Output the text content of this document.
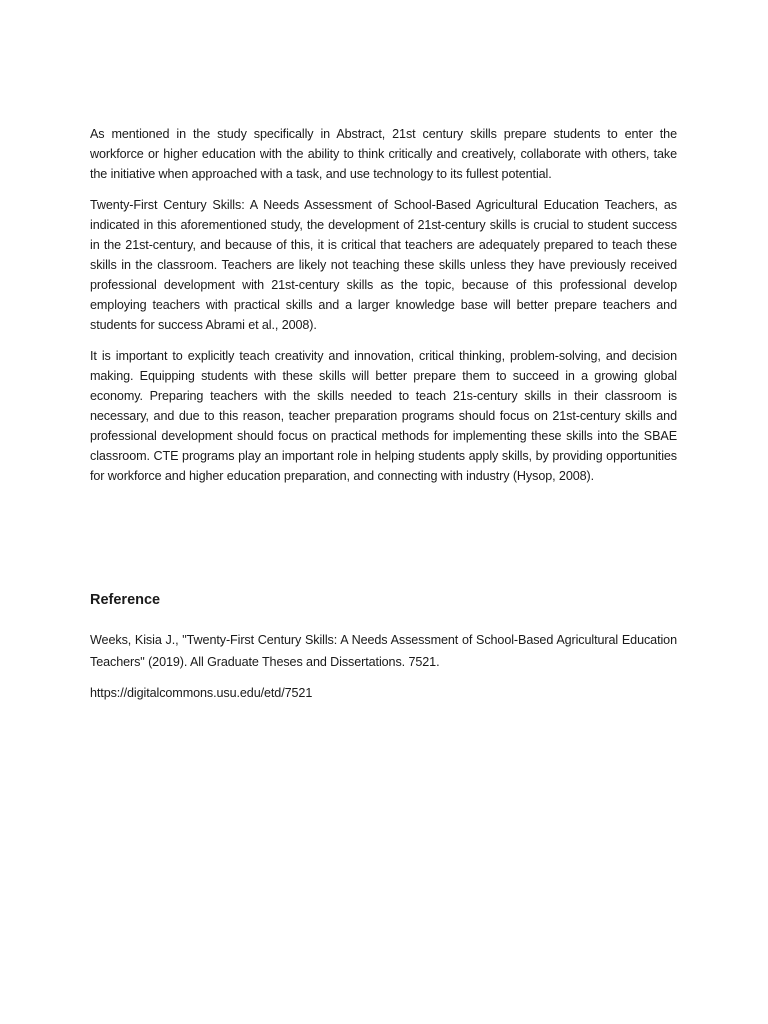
As mentioned in the study specifically in Abstract, 21st century skills prepare students to enter the workforce or higher education with the ability to think critically and creatively, collaborate with others, take the initiative when approached with a task, and use technology to its fullest potential.

Twenty-First Century Skills: A Needs Assessment of School-Based Agricultural Education Teachers, as indicated in this aforementioned study, the development of 21st-century skills is crucial to student success in the 21st-century, and because of this, it is critical that teachers are adequately prepared to teach these skills in the classroom. Teachers are likely not teaching these skills unless they have previously received professional development with 21st-century skills as the topic, because of this professional develop employing teachers with practical skills and a larger knowledge base will better prepare teachers and students for success Abrami et al., 2008).

It is important to explicitly teach creativity and innovation, critical thinking, problem-solving, and decision making. Equipping students with these skills will better prepare them to succeed in a growing global economy. Preparing teachers with the skills needed to teach 21s-century skills in their classroom is necessary, and due to this reason, teacher preparation programs should focus on 21st-century skills and professional development should focus on practical methods for implementing these skills into the SBAE classroom. CTE programs play an important role in helping students apply skills, by providing opportunities for workforce and higher education preparation, and connecting with industry (Hysop, 2008).

Reference

Weeks, Kisia J., "Twenty-First Century Skills: A Needs Assessment of School-Based Agricultural Education Teachers" (2019). All Graduate Theses and Dissertations. 7521.

https://digitalcommons.usu.edu/etd/7521
